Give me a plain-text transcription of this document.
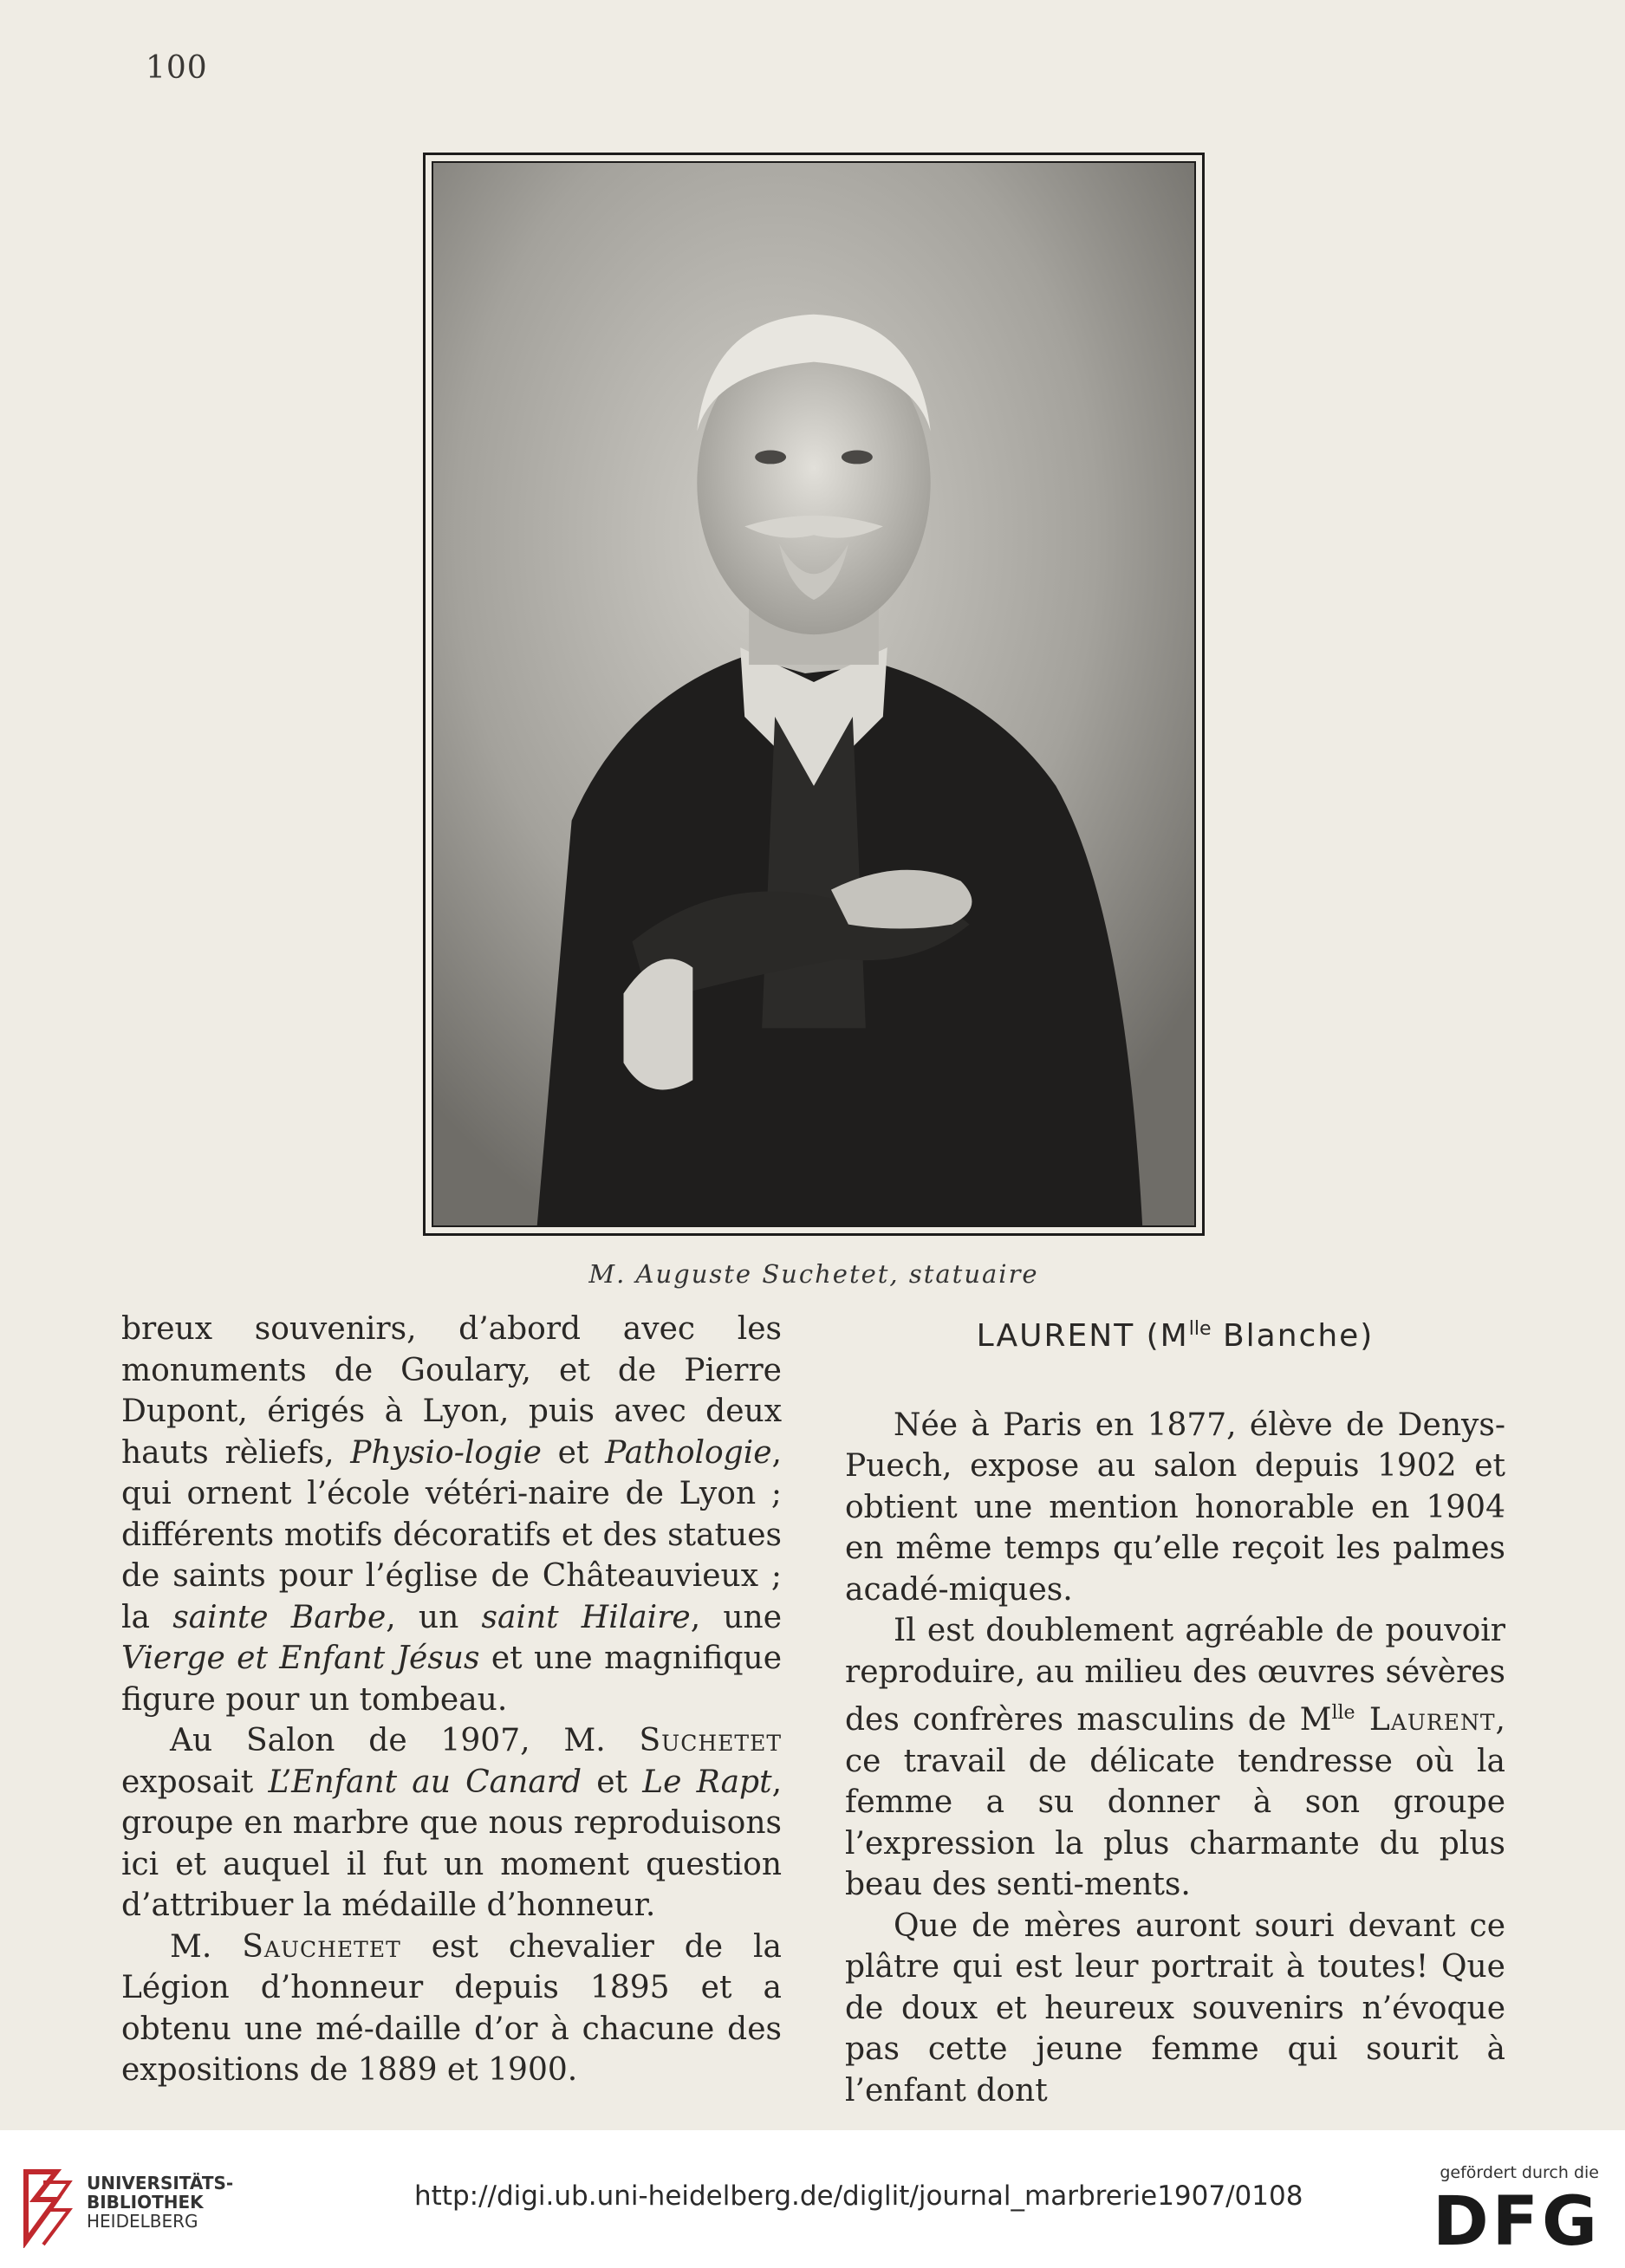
100
M. Auguste Suchetet, statuaire

breux souvenirs, d’abord avec les monuments de Goulary, et de Pierre Dupont, érigés à Lyon, puis avec deux hauts rèliefs, Physio-logie et Pathologie, qui ornent l’école vétéri-naire de Lyon ; différents motifs décoratifs et des statues de saints pour l’église de Châteauvieux ; la sainte Barbe, un saint Hilaire, une Vierge et Enfant Jésus et une magnifique figure pour un tombeau.

Au Salon de 1907, M. Suchetet exposait L’Enfant au Canard et Le Rapt, groupe en marbre que nous reproduisons ici et auquel il fut un moment question d’attribuer la médaille d’honneur.

M. Sauchetet est chevalier de la Légion d’honneur depuis 1895 et a obtenu une mé-daille d’or à chacune des expositions de 1889 et 1900.

LAURENT ($M^{lle}$ Blanche)

Née à Paris en 1877, élève de Denys-Puech, expose au salon depuis 1902 et obtient une mention honorable en 1904 en même temps qu’elle reçoit les palmes acadé-miques.

Il est doublement agréable de pouvoir reproduire, au milieu des œuvres sévères des confrères masculins de $M^{lle}$ Laurent, ce travail de délicate tendresse où la femme a su donner à son groupe l’expression la plus charmante du plus beau des senti-ments.

Que de mères auront souri devant ce plâtre qui est leur portrait à toutes! Que de doux et heureux souvenirs n’évoque pas cette jeune femme qui sourit à l’enfant dont

UNIVERSITÄTS-
BIBLIOTHEK
HEIDELBERG
http://digi.ub.uni-heidelberg.de/diglit/journal_marbrerie1907/0108
gefördert durch die
DFG
